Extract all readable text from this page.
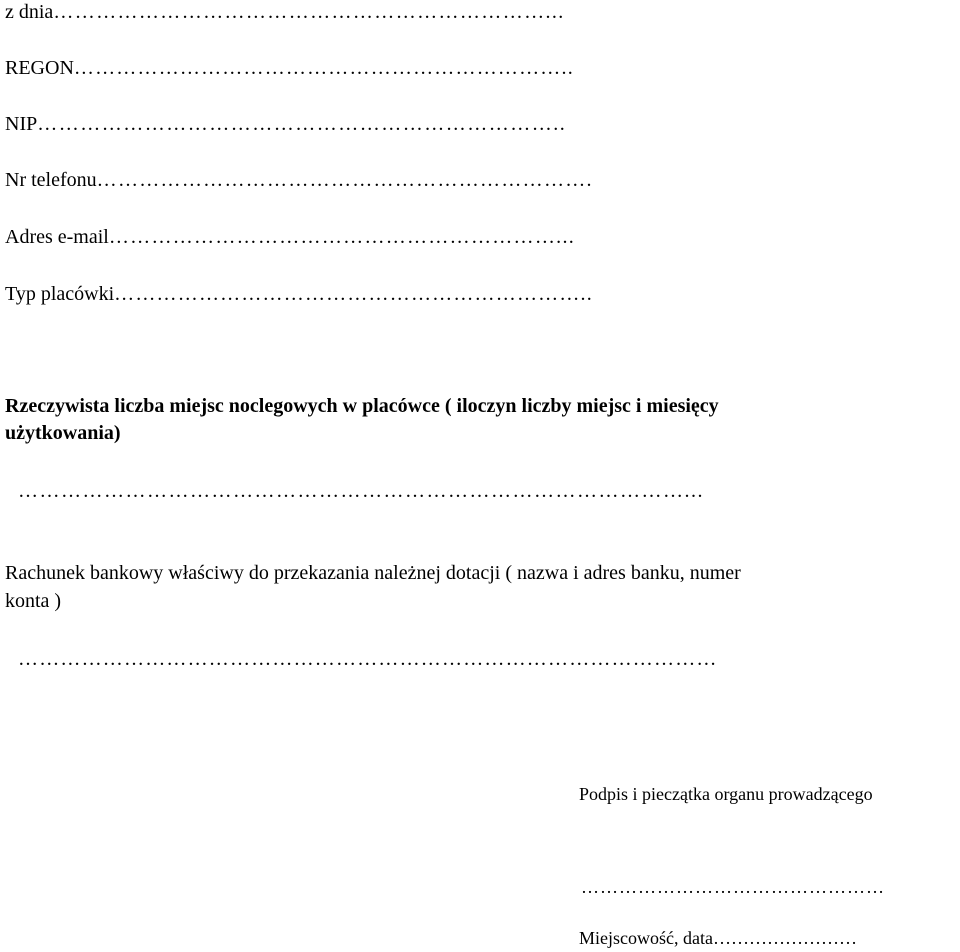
z dnia……………………………………………………………...
REGON……………………………………………………………..
NIP………………………………………………………………..
Nr telefonu…………………………………………………………….
Adres e-mail………………………………………………………...
Typ placówki…………………………………………………………..
Rzeczywista liczba miejsc noclegowych w placówce ( iloczyn liczby miejsc i miesięcy
użytkowania)
…………………………………………………………………………………...
Rachunek bankowy właściwy do przekazania należnej dotacji ( nazwa i adres banku, numer
konta )
………………………………………………………………………………………
Podpis i pieczątka organu prowadzącego
…………………………………………
Miejscowość, data……………………
